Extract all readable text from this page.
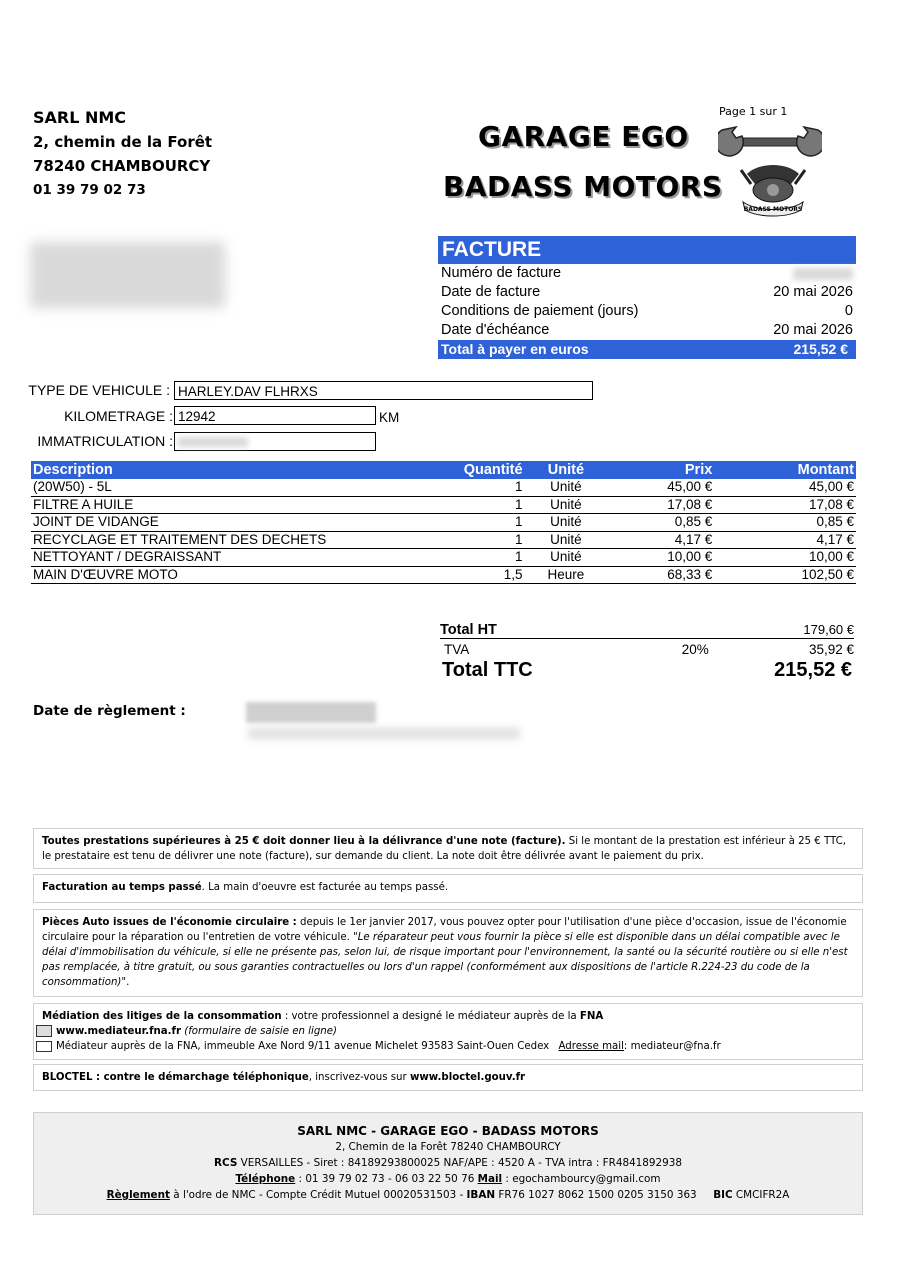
SARL NMC
2, chemin de la Forêt
78240 CHAMBOURCY
01 39 79 02 73
Page 1 sur 1
GARAGE EGO
BADASS MOTORS
BADASS MOTORS
FACTURE
Numéro de facture
Date de facture	20 mai 2026
Conditions de paiement (jours)	0
Date d'échéance	20 mai 2026
Total à payer en euros	215,52 €
TYPE DE VEHICULE : HARLEY.DAV FLHRXS
KILOMETRAGE : 12942	KM
IMMATRICULATION :
Description	Quantité	Unité	Prix	Montant
(20W50) - 5L	1	Unité	45,00 €	45,00 €
FILTRE A HUILE	1	Unité	17,08 €	17,08 €
JOINT DE VIDANGE	1	Unité	0,85 €	0,85 €
RECYCLAGE ET TRAITEMENT DES DECHETS	1	Unité	4,17 €	4,17 €
NETTOYANT / DEGRAISSANT	1	Unité	10,00 €	10,00 €
MAIN D'ŒUVRE MOTO	1,5	Heure	68,33 €	102,50 €
Total HT	179,60 €
TVA	20%	35,92 €
Total TTC	215,52 €
Date de règlement :
Toutes prestations supérieures à 25 € doit donner lieu à la délivrance d'une note (facture). Si le montant de la prestation est inférieur à 25 € TTC, le prestataire est tenu de délivrer une note (facture), sur demande du client. La note doit être délivrée avant le paiement du prix.
Facturation au temps passé. La main d'oeuvre est facturée au temps passé.
Pièces Auto issues de l'économie circulaire : depuis le 1er janvier 2017, vous pouvez opter pour l'utilisation d'une pièce d'occasion, issue de l'économie circulaire pour la réparation ou l'entretien de votre véhicule. "Le réparateur peut vous fournir la pièce si elle est disponible dans un délai compatible avec le délai d'immobilisation du véhicule, si elle ne présente pas, selon lui, de risque important pour l'environnement, la santé ou la sécurité routière ou si elle n'est pas remplacée, à titre gratuit, ou sous garanties contractuelles ou lors d'un rappel (conformément aux dispositions de l'article R.224-23 du code de la consommation)".
Médiation des litiges de la consommation : votre professionnel a designé le médiateur auprès de la FNA
www.mediateur.fna.fr (formulaire de saisie en ligne)
Médiateur auprès de la FNA, immeuble Axe Nord 9/11 avenue Michelet 93583 Saint-Ouen Cedex Adresse mail: mediateur@fna.fr
BLOCTEL : contre le démarchage téléphonique, inscrivez-vous sur www.bloctel.gouv.fr
SARL NMC - GARAGE EGO - BADASS MOTORS
2, Chemin de la Forêt 78240 CHAMBOURCY
RCS VERSAILLES - Siret : 84189293800025 NAF/APE : 4520 A - TVA intra : FR4841892938
Téléphone : 01 39 79 02 73 - 06 03 22 50 76 Mail : egochambourcy@gmail.com
Règlement à l'odre de NMC - Compte Crédit Mutuel 00020531503 - IBAN FR76 1027 8062 1500 0205 3150 363     BIC CMCIFR2A
